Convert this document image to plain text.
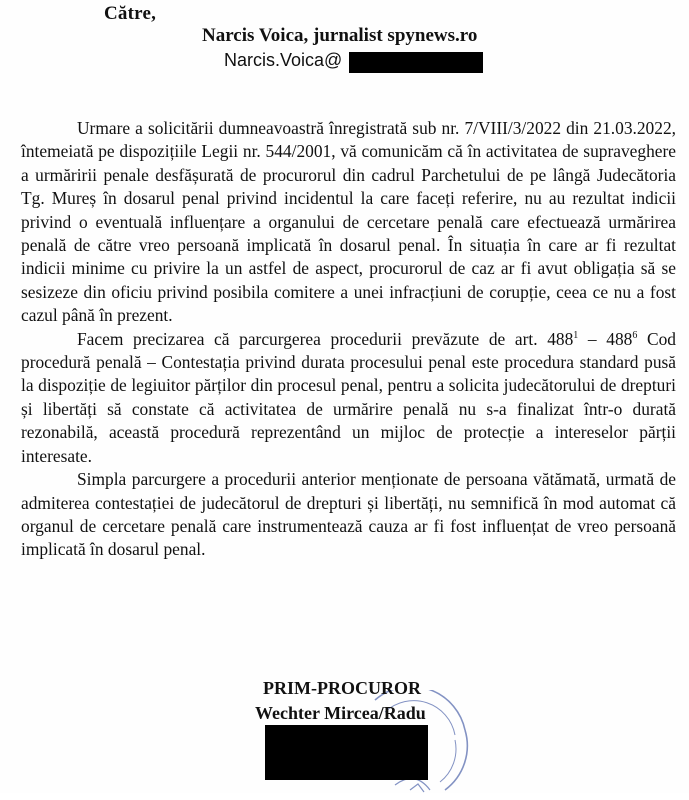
Către,
Narcis Voica, jurnalist spynews.ro
Narcis.Voica@

Urmare a solicitării dumneavoastră înregistrată sub nr. 7/VIII/3/2022 din 21.03.2022, întemeiată pe dispozițiile Legii nr. 544/2001, vă comunicăm că în activitatea de supraveghere a urmăririi penale desfășurată de procurorul din cadrul Parchetului de pe lângă Judecătoria Tg. Mureș în dosarul penal privind incidentul la care faceți referire, nu au rezultat indicii privind o eventuală influențare a organului de cercetare penală care efectuează urmărirea penală de către vreo persoană implicată în dosarul penal. În situația în care ar fi rezultat indicii minime cu privire la un astfel de aspect, procurorul de caz ar fi avut obligația să se sesizeze din oficiu privind posibila comitere a unei infracțiuni de corupție, ceea ce nu a fost cazul până în prezent.

Facem precizarea că parcurgerea procedurii prevăzute de art. $488^1 - 488^6$ Cod procedură penală – Contestația privind durata procesului penal este procedura standard pusă la dispoziție de legiuitor părților din procesul penal, pentru a solicita judecătorului de drepturi și libertăți să constate că activitatea de urmărire penală nu s-a finalizat într-o durată rezonabilă, această procedură reprezentând un mijloc de protecție a intereselor părții interesate.

Simpla parcurgere a procedurii anterior menționate de persoana vătămată, urmată de admiterea contestației de judecătorul de drepturi și libertăți, nu semnifică în mod automat că organul de cercetare penală care instrumentează cauza ar fi fost influențat de vreo persoană implicată în dosarul penal.

PRIM-PROCUROR
Wechter Mircea/Radu
